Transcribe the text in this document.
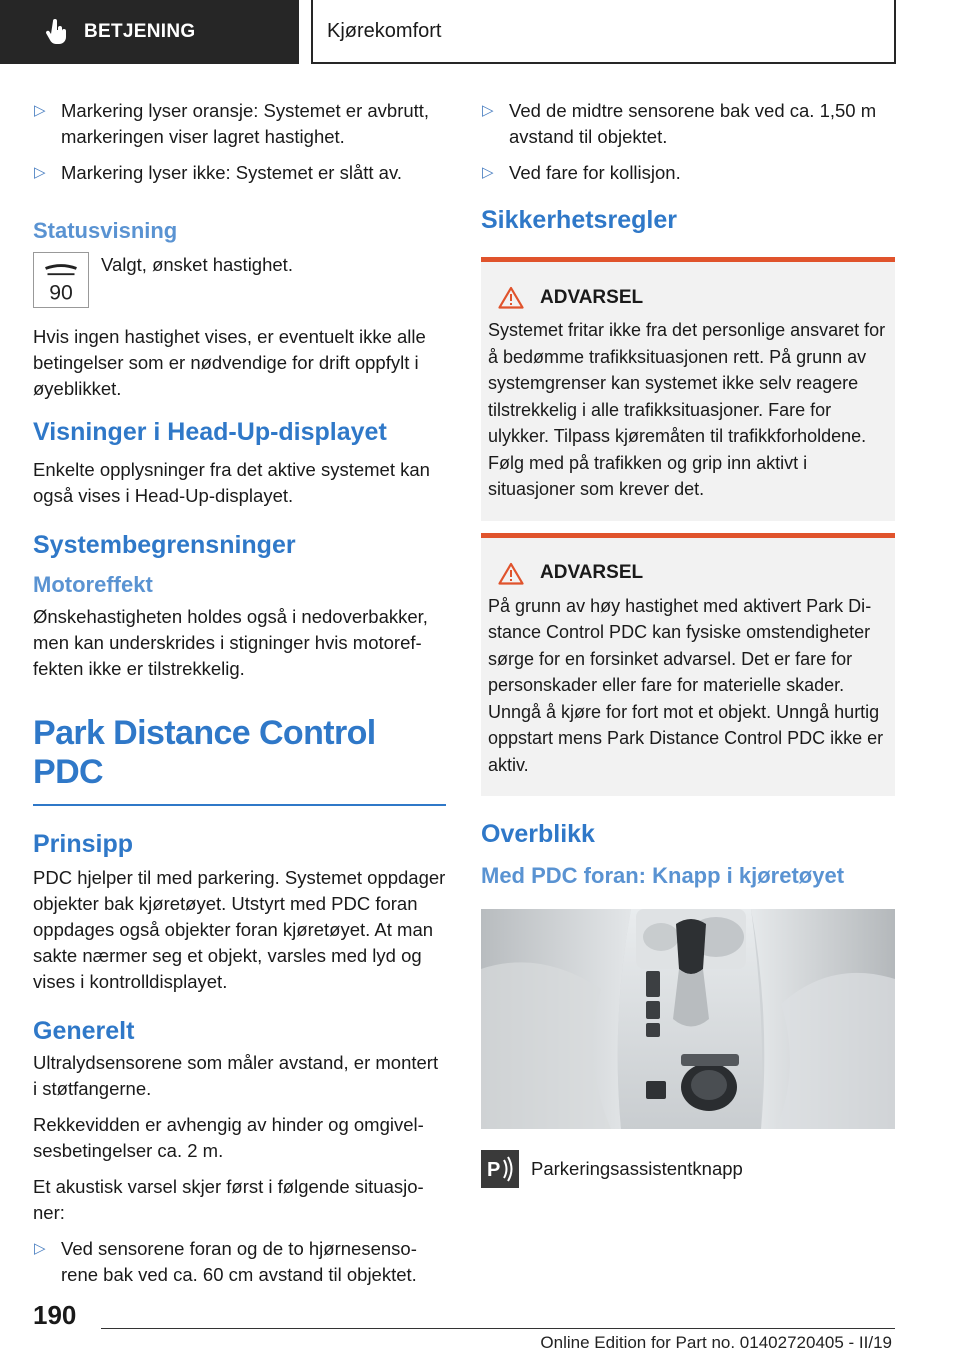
BETJENING	Kjørekomfort
▷ Markering lyser oransje: Systemet er avbrutt, markeringen viser lagret hastighet.
▷ Markering lyser ikke: Systemet er slått av.
Statusvisning
90
Valgt, ønsket hastighet.
Hvis ingen hastighet vises, er eventuelt ikke alle betingelser som er nødvendige for drift oppfylt i øyeblikket.
Visninger i Head-Up-displayet
Enkelte opplysninger fra det aktive systemet kan også vises i Head-Up-displayet.
Systembegrensninger
Motoreffekt
Ønskehastigheten holdes også i nedoverbakker, men kan underskrides i stigninger hvis motoreffekten ikke er tilstrekkelig.
Park Distance Control PDC
Prinsipp
PDC hjelper til med parkering. Systemet oppdager objekter bak kjøretøyet. Utstyrt med PDC foran oppdages også objekter foran kjøretøyet. At man sakte nærmer seg et objekt, varsles med lyd og vises i kontrolldisplayet.
Generelt
Ultralydsensorene som måler avstand, er montert i støtfangerne.
Rekkevidden er avhengig av hinder og omgivelsesbetingelser ca. 2 m.
Et akustisk varsel skjer først i følgende situasjoner:
▷ Ved sensorene foran og de to hjørnesensorene bak ved ca. 60 cm avstand til objektet.
▷ Ved de midtre sensorene bak ved ca. 1,50 m avstand til objektet.
▷ Ved fare for kollisjon.
Sikkerhetsregler
ADVARSEL
Systemet fritar ikke fra det personlige ansvaret for å bedømme trafikksituasjonen rett. På grunn av systemgrenser kan systemet ikke selv reagere tilstrekkelig i alle trafikksituasjoner. Fare for ulykker. Tilpass kjøremåten til trafikkforholdene. Følg med på trafikken og grip inn aktivt i situasjoner som krever det.
ADVARSEL
På grunn av høy hastighet med aktivert Park Distance Control PDC kan fysiske omstendigheter sørge for en forsinket advarsel. Det er fare for personskader eller fare for materielle skader. Unngå å kjøre for fort mot et objekt. Unngå hurtig oppstart mens Park Distance Control PDC ikke er aktiv.
Overblikk
Med PDC foran: Knapp i kjøretøyet
P Parkeringsassistentknapp
190
Online Edition for Part no. 01402720405 - II/19
